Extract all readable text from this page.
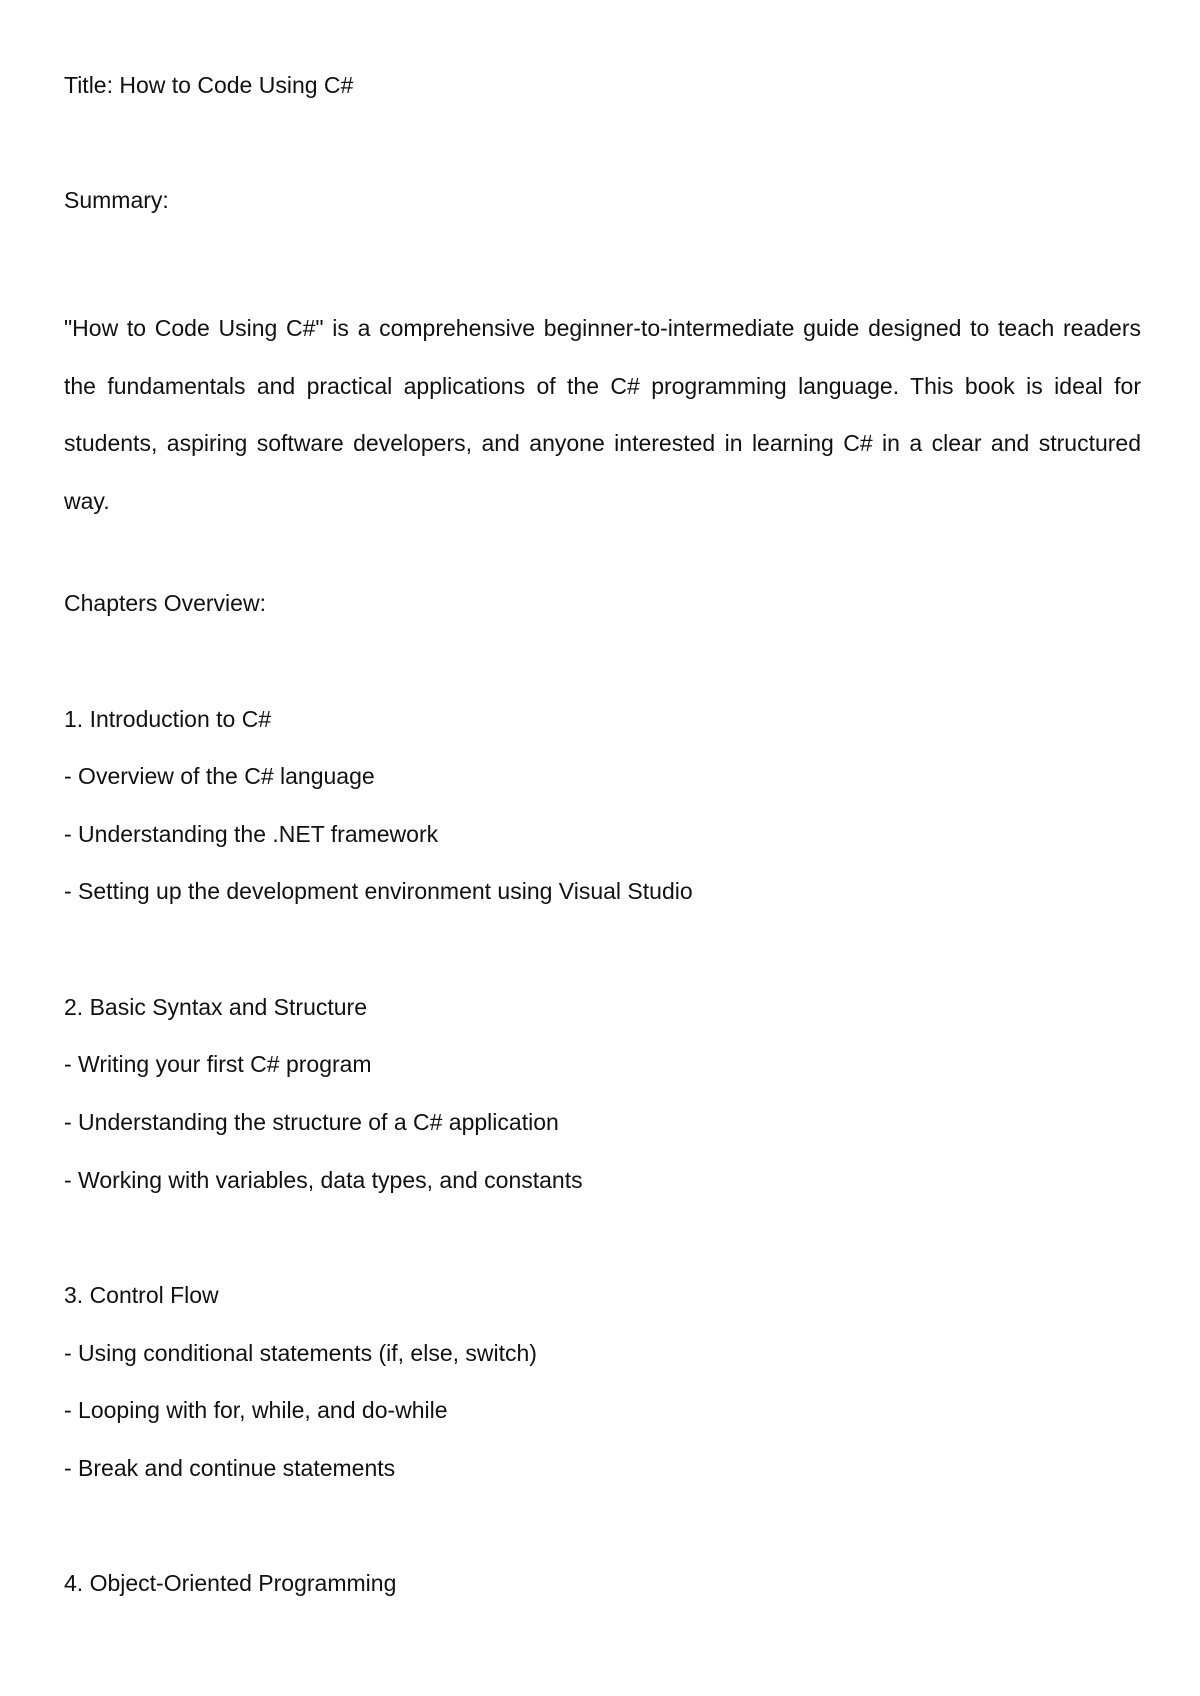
Title: How to Code Using C#
Summary:

"How to Code Using C#" is a comprehensive beginner-to-intermediate guide designed to teach readers the fundamentals and practical applications of the C# programming language. This book is ideal for students, aspiring software developers, and anyone interested in learning C# in a clear and structured way.

Chapters Overview:
1. Introduction to C#
- Overview of the C# language
- Understanding the .NET framework
- Setting up the development environment using Visual Studio
2. Basic Syntax and Structure
- Writing your first C# program
- Understanding the structure of a C# application
- Working with variables, data types, and constants
3. Control Flow
- Using conditional statements (if, else, switch)
- Looping with for, while, and do-while
- Break and continue statements
4. Object-Oriented Programming
